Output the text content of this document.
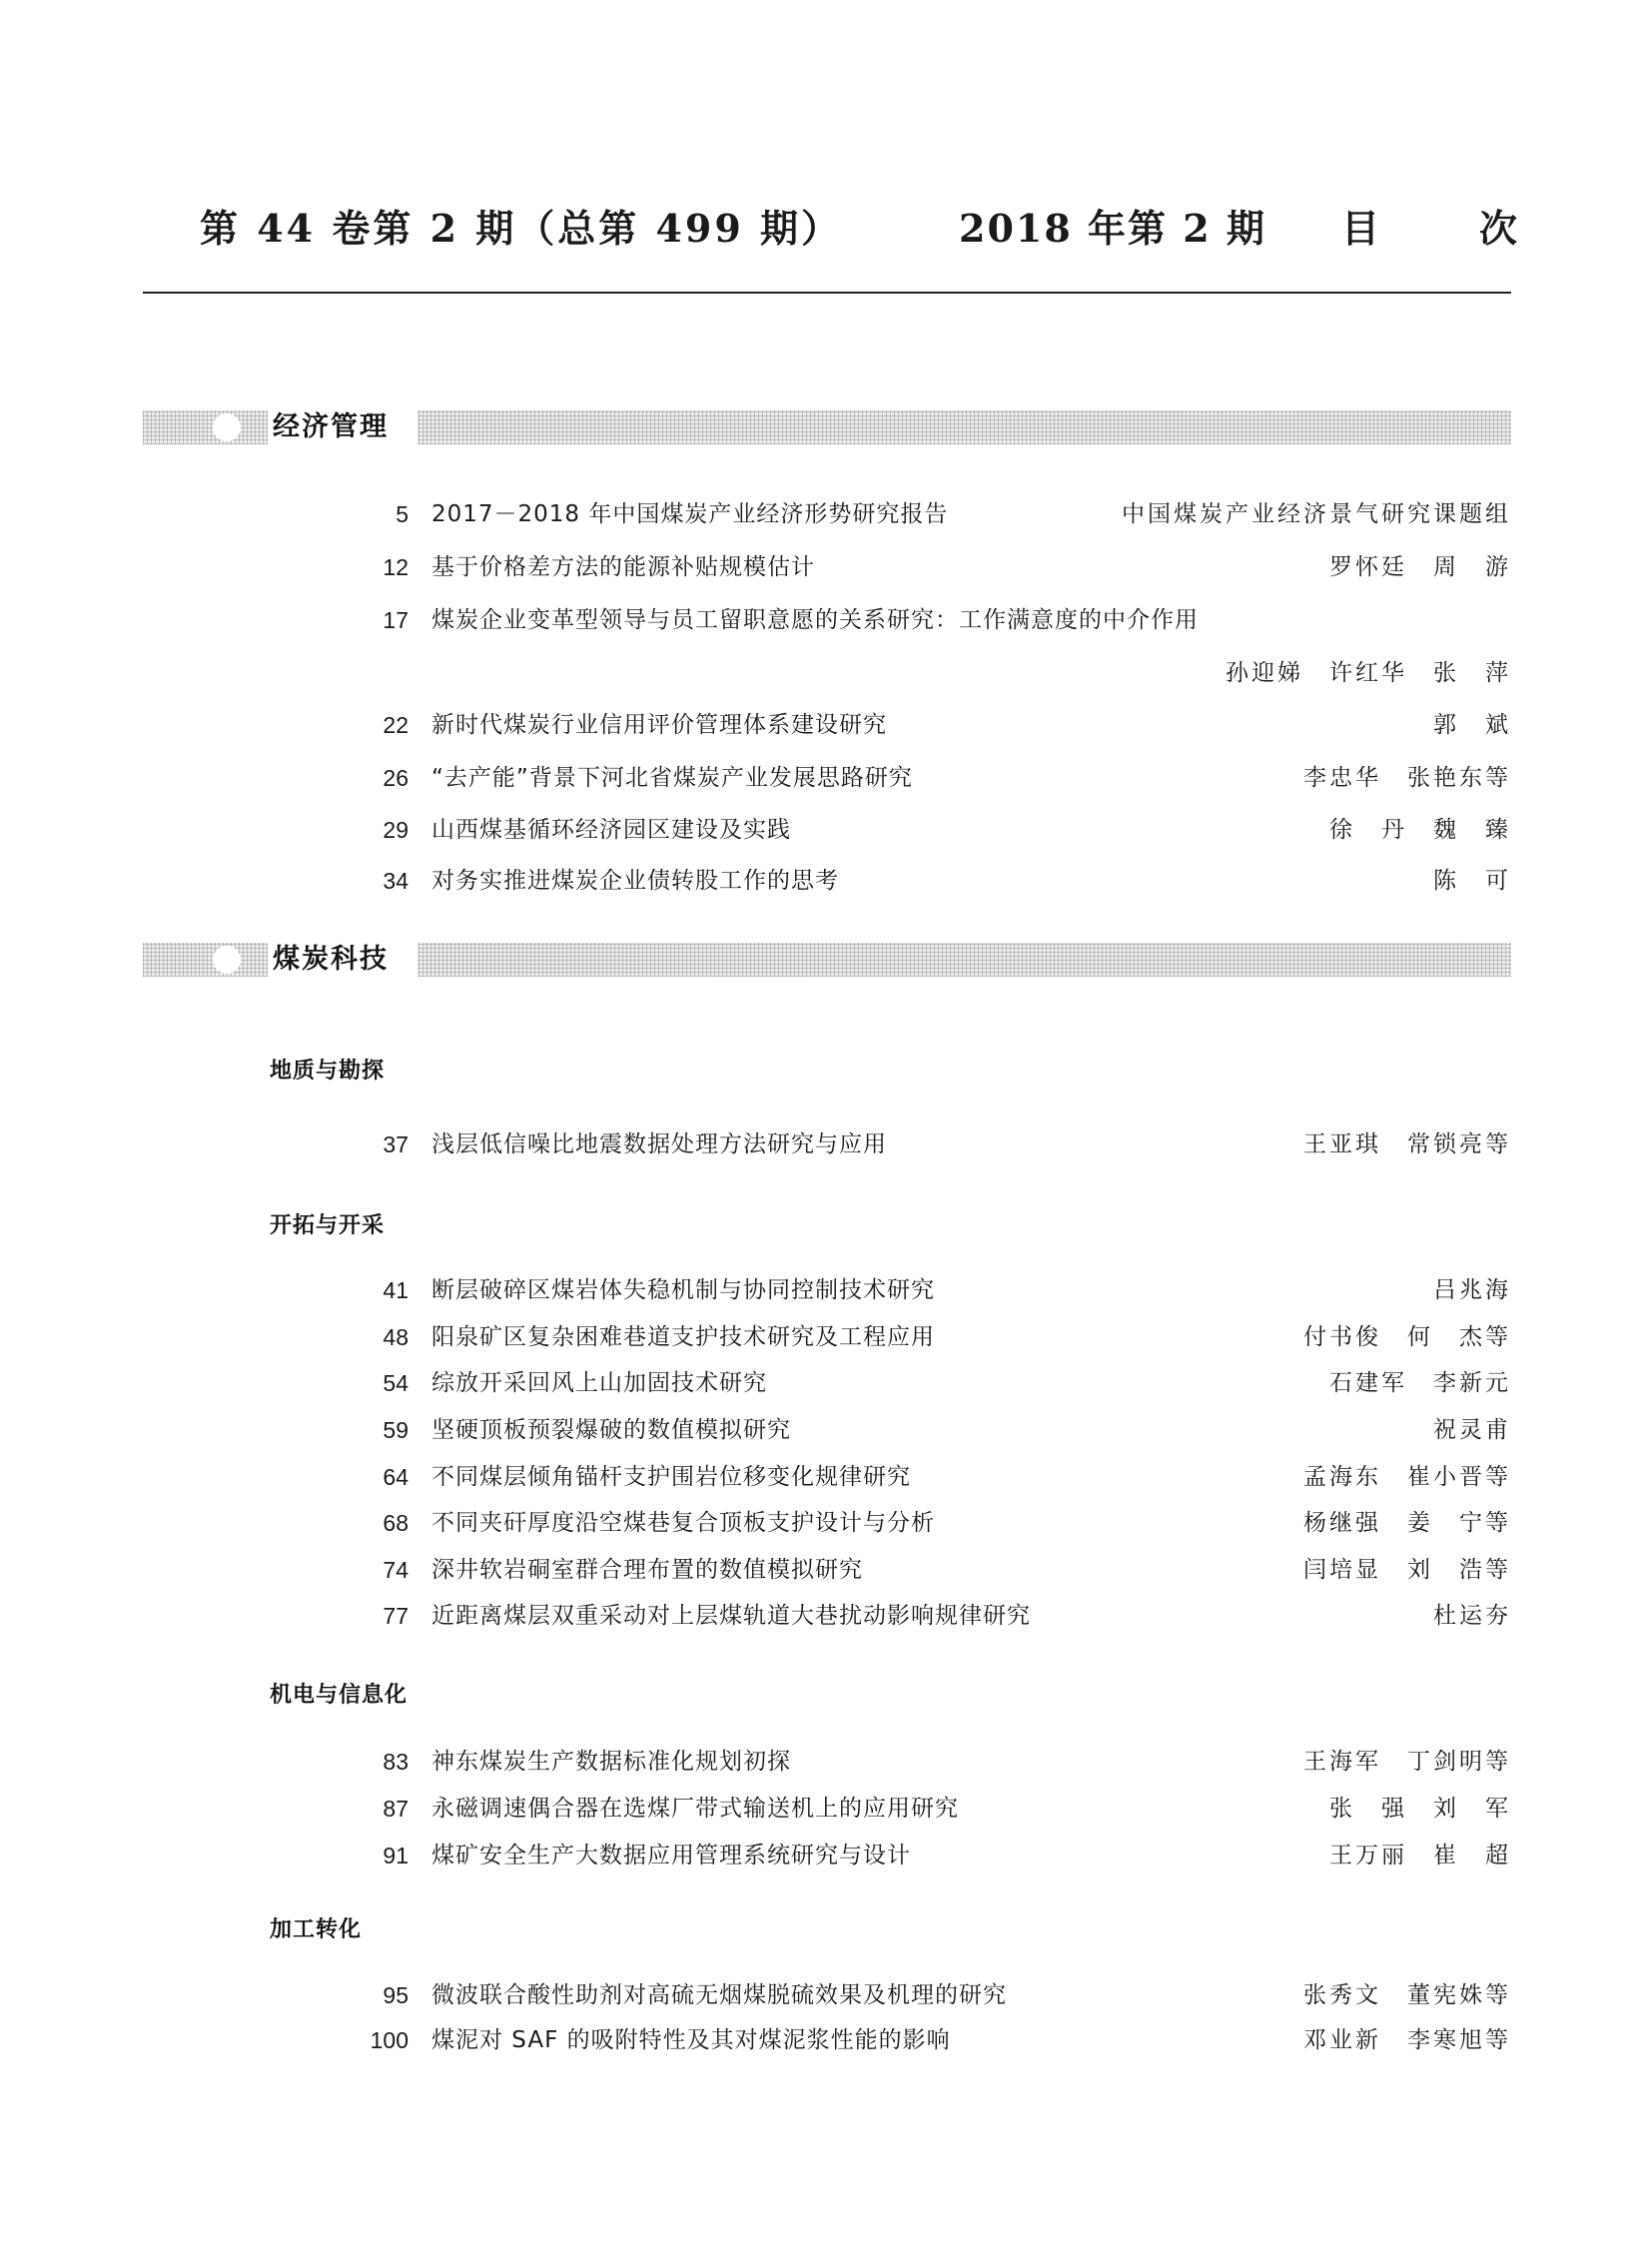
第 44 卷第 2 期（总第 499 期）	2018 年第 2 期 目次
经济管理
5 2017－2018 年中国煤炭产业经济形势研究报告	中国煤炭产业经济景气研究课题组
12 基于价格差方法的能源补贴规模估计	罗怀廷　周　游
17 煤炭企业变革型领导与员工留职意愿的关系研究：工作满意度的中介作用
孙迎娣　许红华　张　萍
22 新时代煤炭行业信用评价管理体系建设研究	郭　斌
26 “去产能”背景下河北省煤炭产业发展思路研究	李忠华　张艳东等
29 山西煤基循环经济园区建设及实践	徐　丹　魏　臻
34 对务实推进煤炭企业债转股工作的思考	陈　可
煤炭科技
地质与勘探
37 浅层低信噪比地震数据处理方法研究与应用	王亚琪　常锁亮等
开拓与开采
41 断层破碎区煤岩体失稳机制与协同控制技术研究	吕兆海
48 阳泉矿区复杂困难巷道支护技术研究及工程应用	付书俊　何　杰等
54 综放开采回风上山加固技术研究	石建军　李新元
59 坚硬顶板预裂爆破的数值模拟研究	祝灵甫
64 不同煤层倾角锚杆支护围岩位移变化规律研究	孟海东　崔小晋等
68 不同夹矸厚度沿空煤巷复合顶板支护设计与分析	杨继强　姜　宁等
74 深井软岩硐室群合理布置的数值模拟研究	闫培显　刘　浩等
77 近距离煤层双重采动对上层煤轨道大巷扰动影响规律研究	杜运夯
机电与信息化
83 神东煤炭生产数据标准化规划初探	王海军　丁剑明等
87 永磁调速偶合器在选煤厂带式输送机上的应用研究	张　强　刘　军
91 煤矿安全生产大数据应用管理系统研究与设计	王万丽　崔　超
加工转化
95 微波联合酸性助剂对高硫无烟煤脱硫效果及机理的研究	张秀文　董宪姝等
100 煤泥对 SAF 的吸附特性及其对煤泥浆性能的影响	邓业新　李寒旭等
